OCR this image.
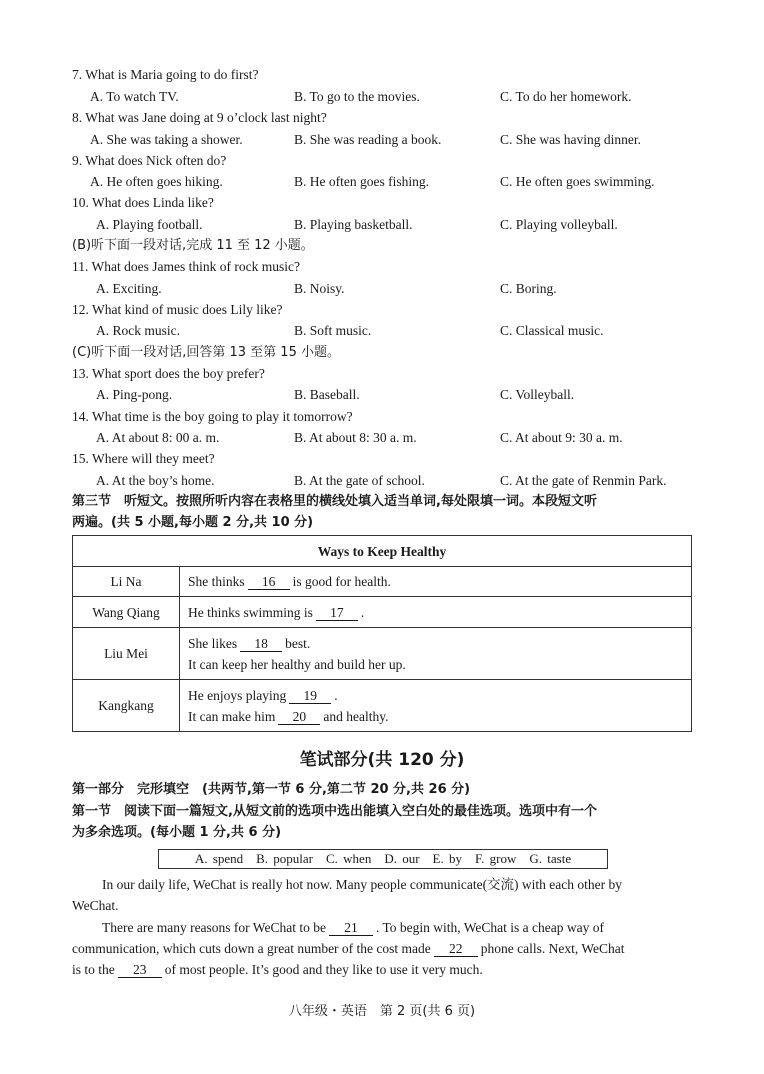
7. What is Maria going to do first?
A. To watch TV.	B. To go to the movies.	C. To do her homework.
8. What was Jane doing at 9 o’clock last night?
A. She was taking a shower.	B. She was reading a book.	C. She was having dinner.
9. What does Nick often do?
A. He often goes hiking.	B. He often goes fishing.	C. He often goes swimming.
10. What does Linda like?
A. Playing football.	B. Playing basketball.	C. Playing volleyball.
(B)听下面一段对话,完成 11 至 12 小题。
11. What does James think of rock music?
A. Exciting.	B. Noisy.	C. Boring.
12. What kind of music does Lily like?
A. Rock music.	B. Soft music.	C. Classical music.
(C)听下面一段对话,回答第 13 至第 15 小题。
13. What sport does the boy prefer?
A. Ping-pong.	B. Baseball.	C. Volleyball.
14. What time is the boy going to play it tomorrow?
A. At about 8: 00 a. m.	B. At about 8: 30 a. m.	C. At about 9: 30 a. m.
15. Where will they meet?
A. At the boy’s home.	B. At the gate of school.	C. At the gate of Renmin Park.
第三节　听短文。按照所听内容在表格里的横线处填入适当单词,每处限填一词。本段短文听
两遍。(共 5 小题,每小题 2 分,共 10 分)
Ways to Keep Healthy	
Li Na	She thinks 16 is good for health.
Wang Qiang	He thinks swimming is 17 .
Liu Mei	She likes 18 best.
It can keep her healthy and build her up.

Kangkang	He enjoys playing 19 .
It can make him 20 and healthy.
笔试部分(共 120 分)
第一部分　完形填空　(共两节,第一节 6 分,第二节 20 分,共 26 分)
第一节　阅读下面一篇短文,从短文前的选项中选出能填入空白处的最佳选项。选项中有一个
为多余选项。(每小题 1 分,共 6 分)
A. spend　B. popular　C. when　D. our　E. by　F. grow　G. taste
In our daily life, WeChat is really hot now. Many people communicate(交流) with each other by
WeChat.
There are many reasons for WeChat to be 21 . To begin with, WeChat is a cheap way of
communication, which cuts down a great number of the cost made 22 phone calls. Next, WeChat
is to the 23 of most people. It’s good and they like to use it very much.
八年级・英语　第 2 页(共 6 页)
